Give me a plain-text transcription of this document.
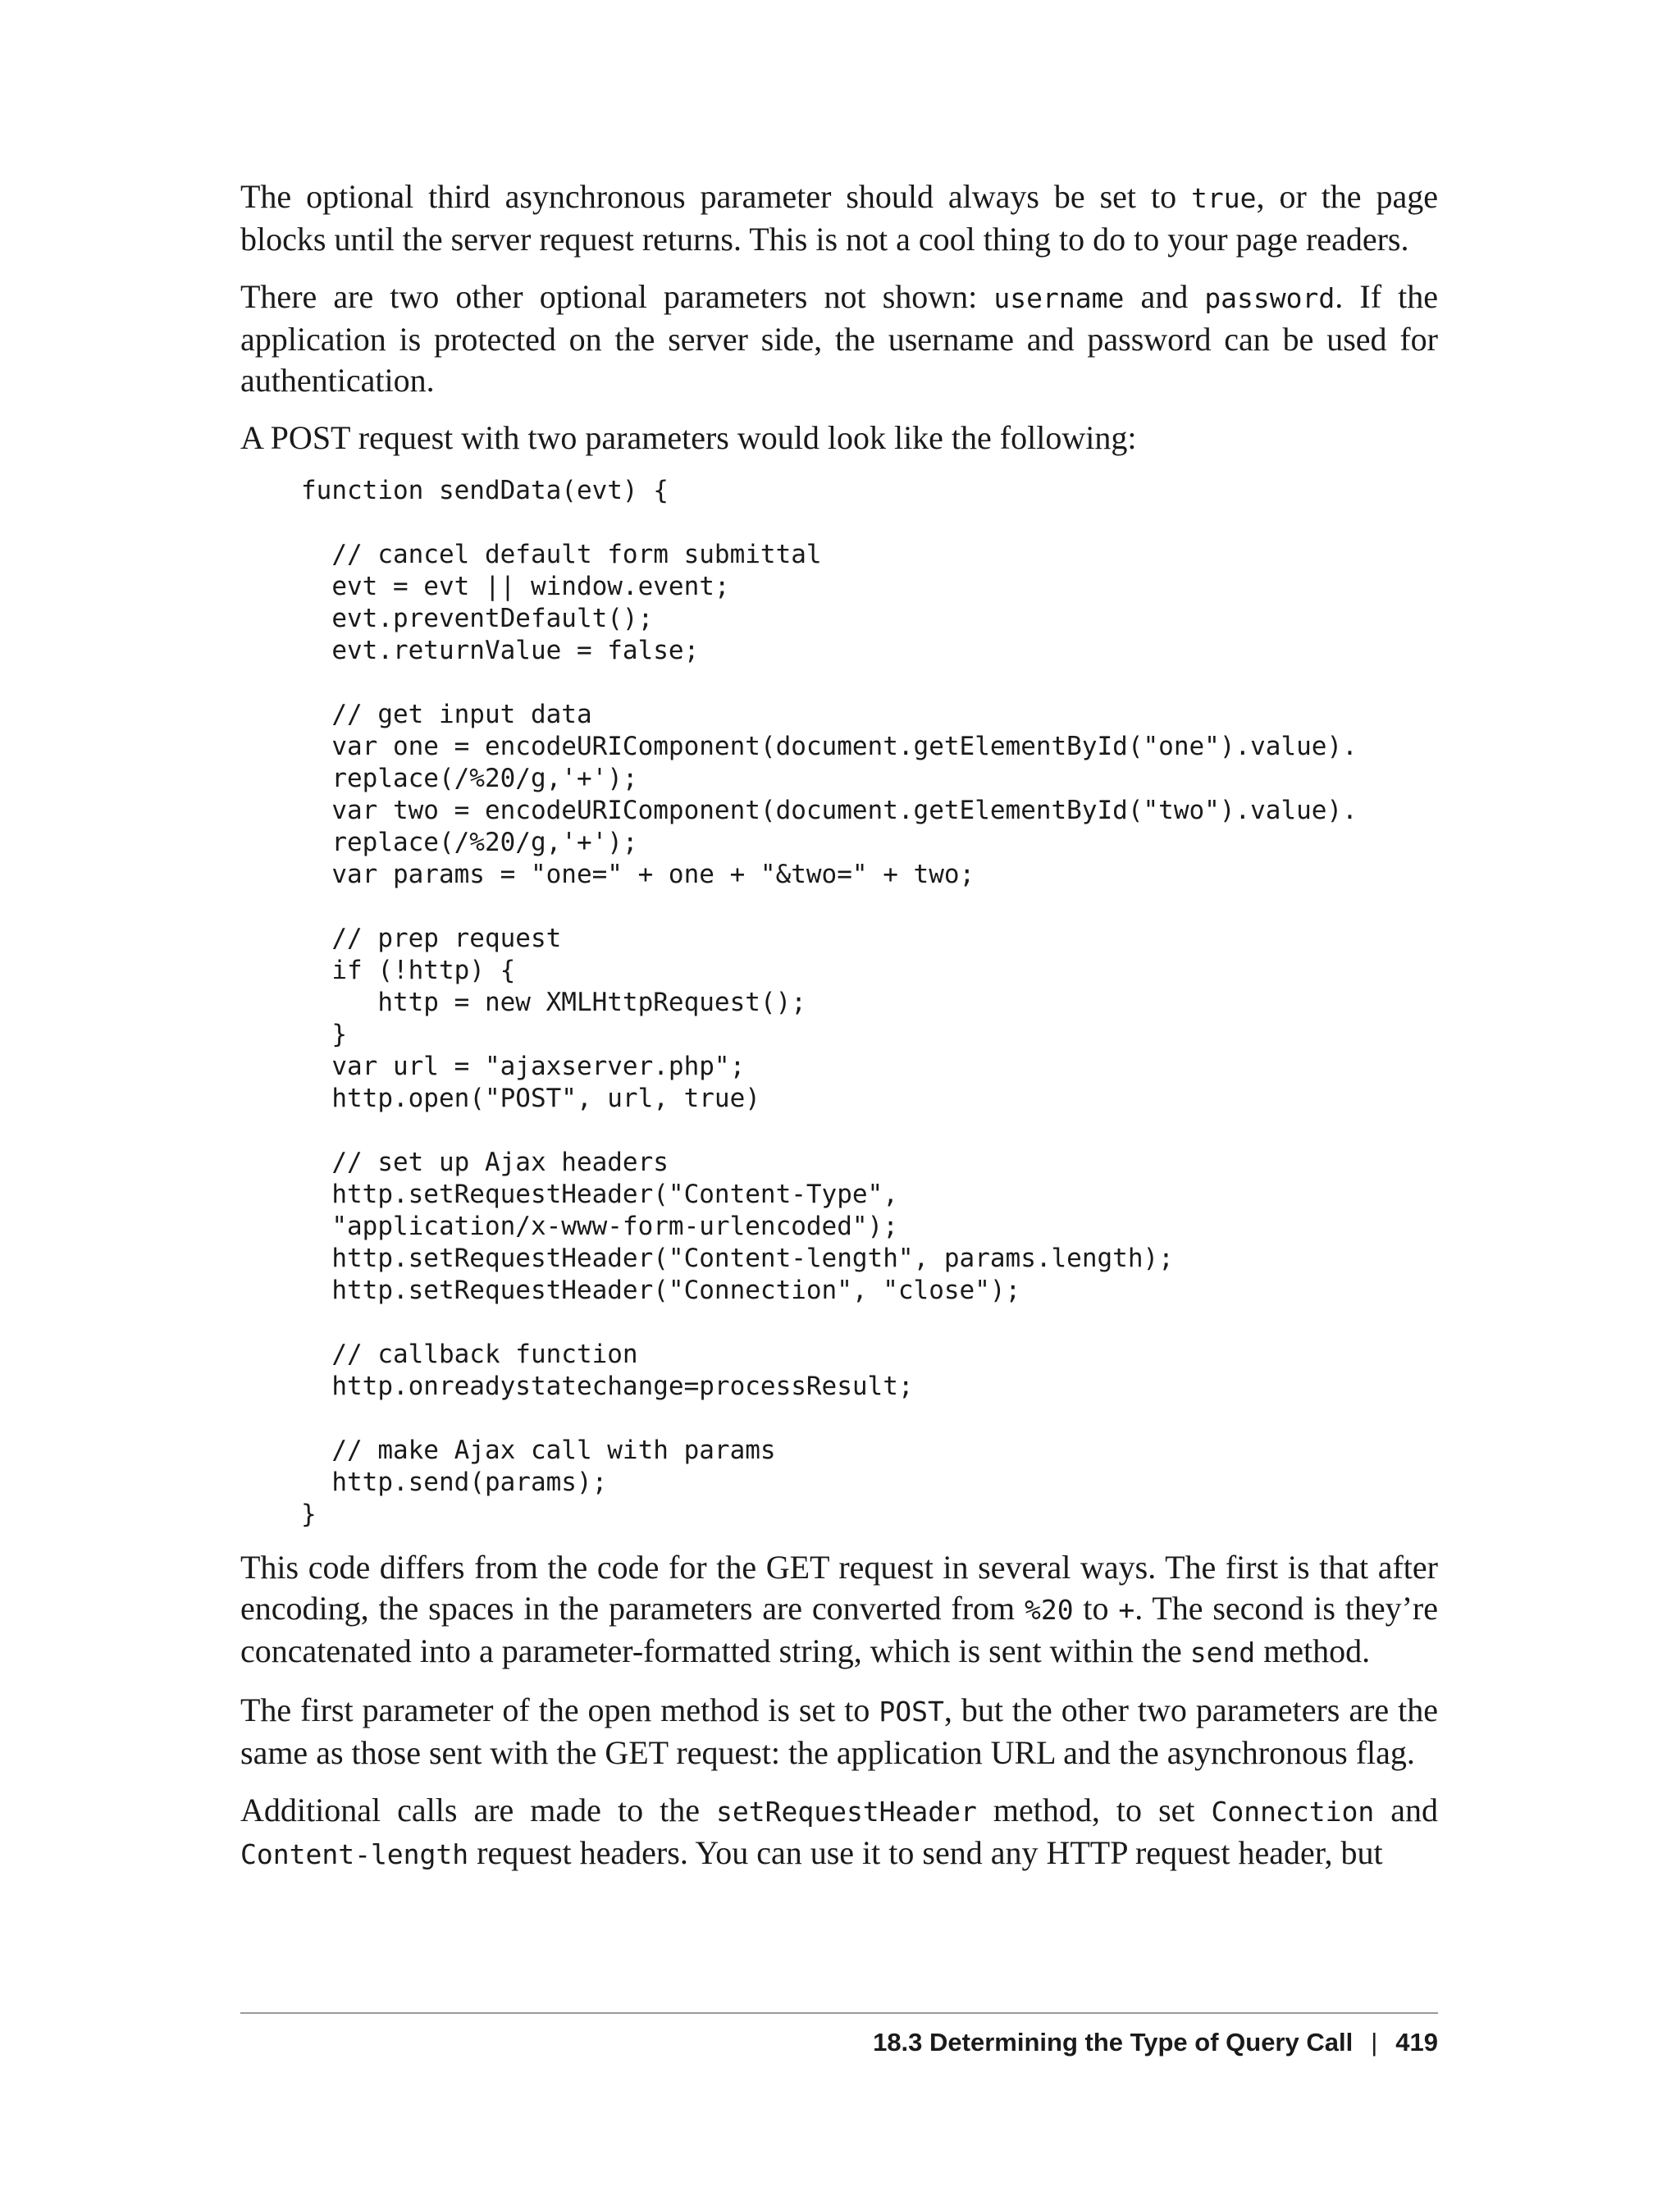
The optional third asynchronous parameter should always be set to true, or the page blocks until the server request returns. This is not a cool thing to do to your page readers.

There are two other optional parameters not shown: username and password. If the application is protected on the server side, the username and password can be used for authentication.

A POST request with two parameters would look like the following:

function sendData(evt) {

// cancel default form submittal
evt = evt || window.event;
evt.preventDefault();
evt.returnValue = false;

// get input data
var one = encodeURIComponent(document.getElementById("one").value).
replace(/%20/g,'+');
var two = encodeURIComponent(document.getElementById("two").value).
replace(/%20/g,'+');
var params = "one=" + one + "&two=" + two;

// prep request
if (!http) {
http = new XMLHttpRequest();
}
var url = "ajaxserver.php";
http.open("POST", url, true)

// set up Ajax headers
http.setRequestHeader("Content-Type",
"application/x-www-form-urlencoded");
http.setRequestHeader("Content-length", params.length);
http.setRequestHeader("Connection", "close");

// callback function
http.onreadystatechange=processResult;

// make Ajax call with params
http.send(params);
}

This code differs from the code for the GET request in several ways. The first is that after encoding, the spaces in the parameters are converted from %20 to +. The second is they’re concatenated into a parameter-formatted string, which is sent within the send method.

The first parameter of the open method is set to POST, but the other two parameters are the same as those sent with the GET request: the application URL and the asynchronous flag.

Additional calls are made to the setRequestHeader method, to set Connection and Content-length request headers. You can use it to send any HTTP request header, but

18.3 Determining the Type of Query Call | 419
